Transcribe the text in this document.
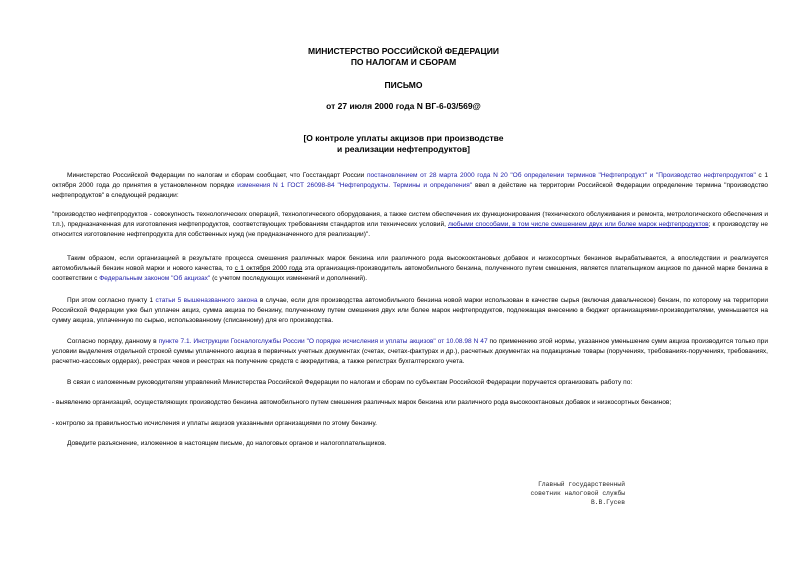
МИНИСТЕРСТВО РОССИЙСКОЙ ФЕДЕРАЦИИ
ПО НАЛОГАМ И СБОРАМ
ПИСЬМО
от 27 июля 2000 года N ВГ-6-03/569@
[О контроле уплаты акцизов при производстве
и реализации нефтепродуктов]
Министерство Российской Федерации по налогам и сборам сообщает, что Госстандарт России постановлением от 28 марта 2000 года N 20 "Об определении терминов "Нефтепродукт" и "Производство нефтепродуктов" с 1 октября 2000 года до принятия в установленном порядке изменения N 1 ГОСТ 26098-84 "Нефтепродукты. Термины и определения" ввел в действие на территории Российской Федерации определение термина "производство нефтепродуктов" в следующей редакции:
"производство нефтепродуктов - совокупность технологических операций, технологического оборудования, а также систем обеспечения их функционирования (технического обслуживания и ремонта, метрологического обеспечения и т.п.), предназначенная для изготовления нефтепродуктов, соответствующих требованиям стандартов или технических условий, любыми способами, в том числе смешением двух или более марок нефтепродуктов; к производству не относится изготовление нефтепродукта для собственных нужд (не предназначенного для реализации)".
Таким образом, если организацией в результате процесса смешения различных марок бензина или различного рода высокооктановых добавок и низкосортных бензинов вырабатывается, а впоследствии и реализуется автомобильный бензин новой марки и нового качества, то с 1 октября 2000 года эта организация-производитель автомобильного бензина, полученного путем смешения, является плательщиком акцизов по данной марке бензина в соответствии с Федеральным законом "Об акцизах" (с учетом последующих изменений и дополнений).
При этом согласно пункту 1 статьи 5 вышеназванного закона в случае, если для производства автомобильного бензина новой марки использован в качестве сырья (включая давальческое) бензин, по которому на территории Российской Федерации уже был уплачен акциз, сумма акциза по бензину, полученному путем смешения двух или более марок нефтепродуктов, подлежащая внесению в бюджет организациями-производителями, уменьшается на сумму акциза, уплаченную по сырью, использованному (списанному) для его производства.
Согласно порядку, данному в пункте 7.1. Инструкции Госналогслужбы России "О порядке исчисления и уплаты акцизов" от 10.08.98 N 47 по применению этой нормы, указанное уменьшение сумм акциза производится только при условии выделения отдельной строкой суммы уплаченного акциза в первичных учетных документах (счетах, счетах-фактурах и др.), расчетных документах на подакцизные товары (поручениях, требованиях-поручениях, требованиях, расчетно-кассовых ордерах), реестрах чеков и реестрах на получение средств с аккредитива, а также регистрах бухгалтерского учета.
В связи с изложенным руководителям управлений Министерства Российской Федерации по налогам и сборам по субъектам Российской Федерации поручается организовать работу по:
- выявлению организаций, осуществляющих производство бензина автомобильного путем смешения различных марок бензина или различного рода высокооктановых добавок и низкосортных бензинов;
- контролю за правильностью исчисления и уплаты акцизов указанными организациями по этому бензину.
Доведите разъяснение, изложенное в настоящем письме, до налоговых органов и налогоплательщиков.
Главный государственный
советник налоговой службы
В.В.Гусев
